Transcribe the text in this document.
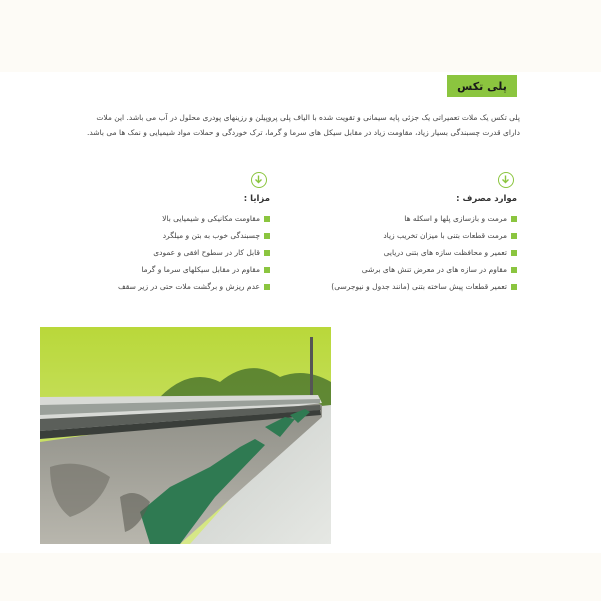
پلی تکس

پلی تکس یک ملات تعمیراتی یک جزئی پایه سیمانی و تقویت شده با الیاف پلی پروپیلن و رزینهای پودری محلول در آب می باشد. این ملات

دارای قدرت چسبندگی بسیار زیاد، مقاومت زیاد در مقابل سیکل های سرما و گرما، ترک خوردگی و حملات مواد شیمیایی و نمک ها می باشد.

موارد مصرف :
مرمت و بازسازی پلها و اسکله ها
مرمت قطعات بتنی با میزان تخریب زیاد
تعمیر و محافظت سازه های بتنی دریایی
مقاوم در سازه های در معرض تنش های برشی
تعمیر قطعات پیش ساخته بتنی (مانند جدول و نیوجرسی)
مزایا :
مقاومت مکانیکی و شیمیایی بالا
چسبندگی خوب به بتن و میلگرد
قابل کار در سطوح افقی و عمودی
مقاوم در مقابل سیکلهای سرما و گرما
عدم ریزش و برگشت ملات حتی در زیر سقف
